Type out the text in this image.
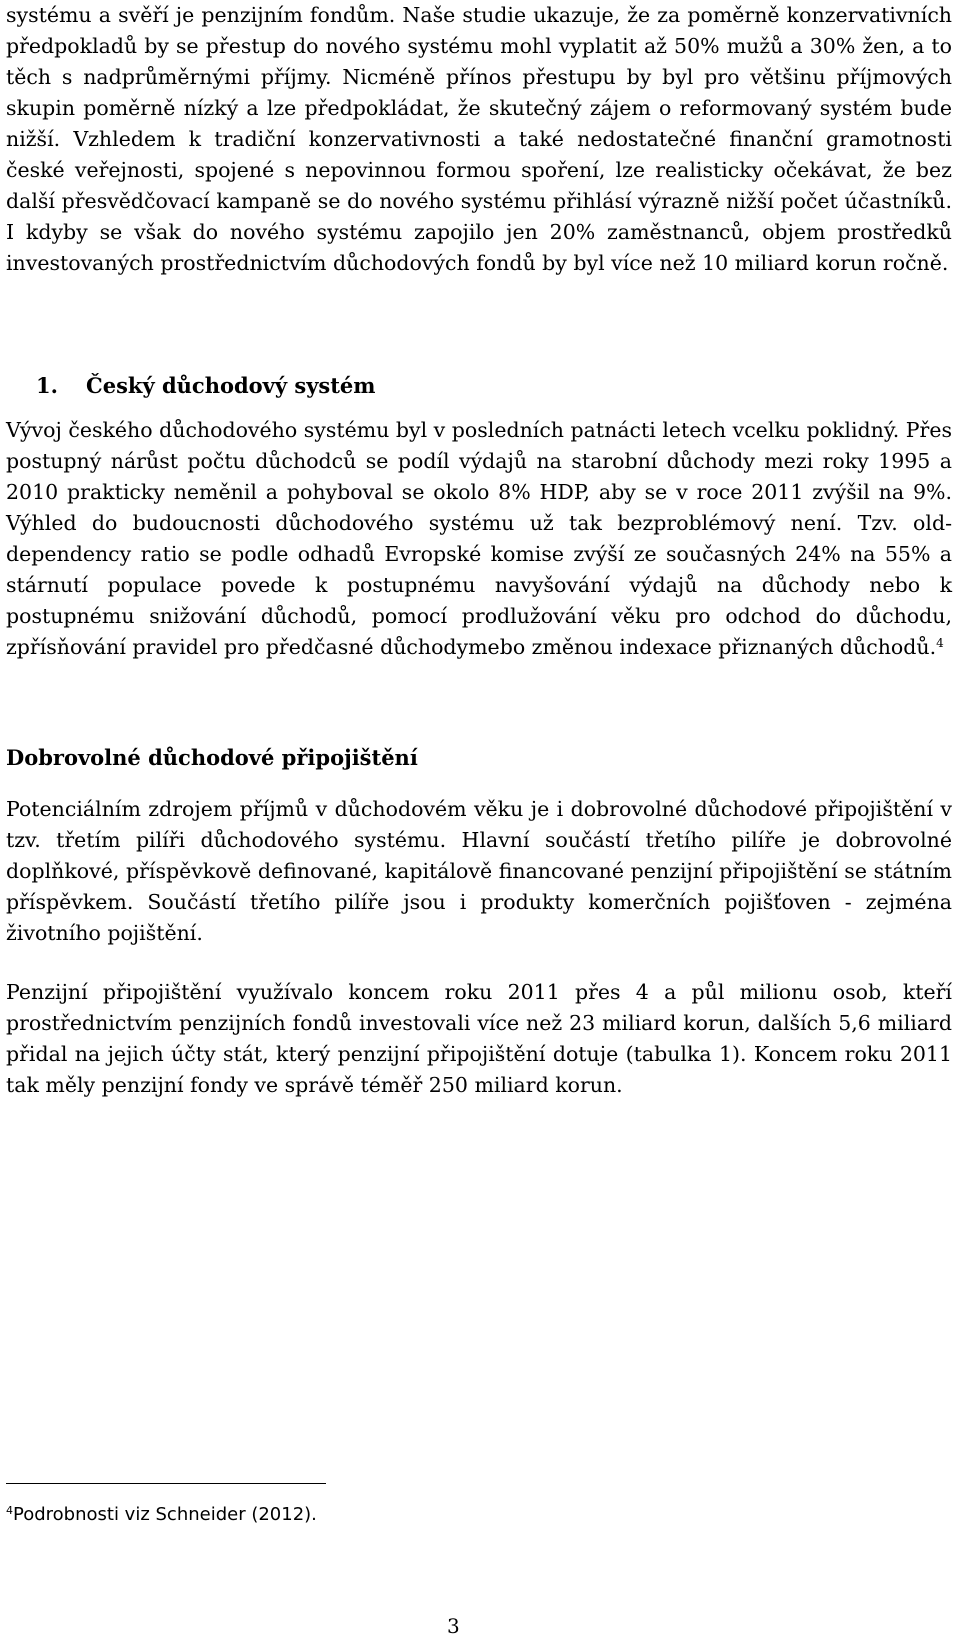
systému a svěří je penzijním fondům. Naše studie ukazuje, že za poměrně konzervativních předpokladů by se přestup do nového systému mohl vyplatit až 50% mužů a 30% žen, a to těch s nadprůměrnými příjmy. Nicméně přínos přestupu by byl pro většinu příjmových skupin poměrně nízký a lze předpokládat, že skutečný zájem o reformovaný systém bude nižší. Vzhledem k tradiční konzervativnosti a také nedostatečné finanční gramotnosti české veřejnosti, spojené s nepovinnou formou spoření, lze realisticky očekávat, že bez další přesvědčovací kampaně se do nového systému přihlásí výrazně nižší počet účastníků. I kdyby se však do nového systému zapojilo jen 20% zaměstnanců, objem prostředků investovaných prostřednictvím důchodových fondů by byl více než 10 miliard korun ročně.

1. Český důchodový systém

Vývoj českého důchodového systému byl v posledních patnácti letech vcelku poklidný. Přes postupný nárůst počtu důchodců se podíl výdajů na starobní důchody mezi roky 1995 a 2010 prakticky neměnil a pohyboval se okolo 8% HDP, aby se v roce 2011 zvýšil na 9%. Výhled do budoucnosti důchodového systému už tak bezproblémový není. Tzv. old-dependency ratio se podle odhadů Evropské komise zvýší ze současných 24% na 55% a stárnutí populace povede k postupnému navyšování výdajů na důchody nebo k postupnému snižování důchodů, pomocí prodlužování věku pro odchod do důchodu, zpřísňování pravidel pro předčasné důchodymebo změnou indexace přiznaných důchodů.$^4$

Dobrovolné důchodové připojištění

Potenciálním zdrojem příjmů v důchodovém věku je i dobrovolné důchodové připojištění v tzv. třetím pilíři důchodového systému. Hlavní součástí třetího pilíře je dobrovolné doplňkové, příspěvkově definované, kapitálově financované penzijní připojištění se státním příspěvkem. Součástí třetího pilíře jsou i produkty komerčních pojišťoven - zejména životního pojištění.

Penzijní připojištění využívalo koncem roku 2011 přes 4 a půl milionu osob, kteří prostřednictvím penzijních fondů investovali více než 23 miliard korun, dalších 5,6 miliard přidal na jejich účty stát, který penzijní připojištění dotuje (tabulka 1). Koncem roku 2011 tak měly penzijní fondy ve správě téměř 250 miliard korun.

$^4$Podrobnosti viz Schneider (2012).

3
